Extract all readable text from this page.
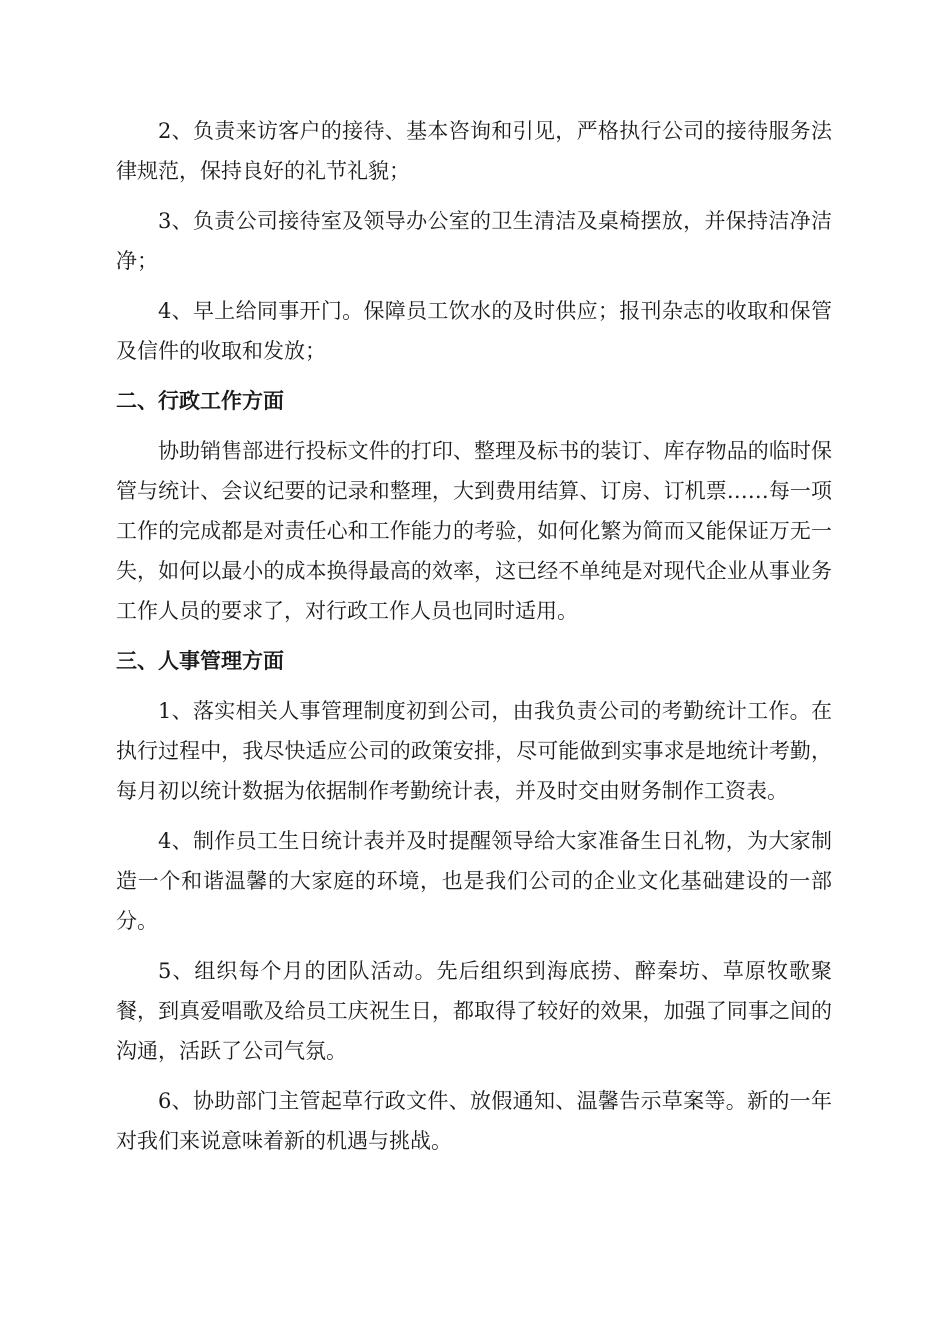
2、负责来访客户的接待、基本咨询和引见，严格执行公司的接待服务法律规范，保持良好的礼节礼貌；

3、负责公司接待室及领导办公室的卫生清洁及桌椅摆放，并保持洁净洁净；

4、早上给同事开门。保障员工饮水的及时供应；报刊杂志的收取和保管及信件的收取和发放；

二、行政工作方面

协助销售部进行投标文件的打印、整理及标书的装订、库存物品的临时保管与统计、会议纪要的记录和整理，大到费用结算、订房、订机票……每一项工作的完成都是对责任心和工作能力的考验，如何化繁为简而又能保证万无一失，如何以最小的成本换得最高的效率，这已经不单纯是对现代企业从事业务工作人员的要求了，对行政工作人员也同时适用。

三、人事管理方面

1、落实相关人事管理制度初到公司，由我负责公司的考勤统计工作。在执行过程中，我尽快适应公司的政策安排，尽可能做到实事求是地统计考勤，每月初以统计数据为依据制作考勤统计表，并及时交由财务制作工资表。

4、制作员工生日统计表并及时提醒领导给大家准备生日礼物，为大家制造一个和谐温馨的大家庭的环境，也是我们公司的企业文化基础建设的一部分。

5、组织每个月的团队活动。先后组织到海底捞、醉秦坊、草原牧歌聚餐，到真爱唱歌及给员工庆祝生日，都取得了较好的效果，加强了同事之间的沟通，活跃了公司气氛。

6、协助部门主管起草行政文件、放假通知、温馨告示草案等。新的一年对我们来说意味着新的机遇与挑战。
